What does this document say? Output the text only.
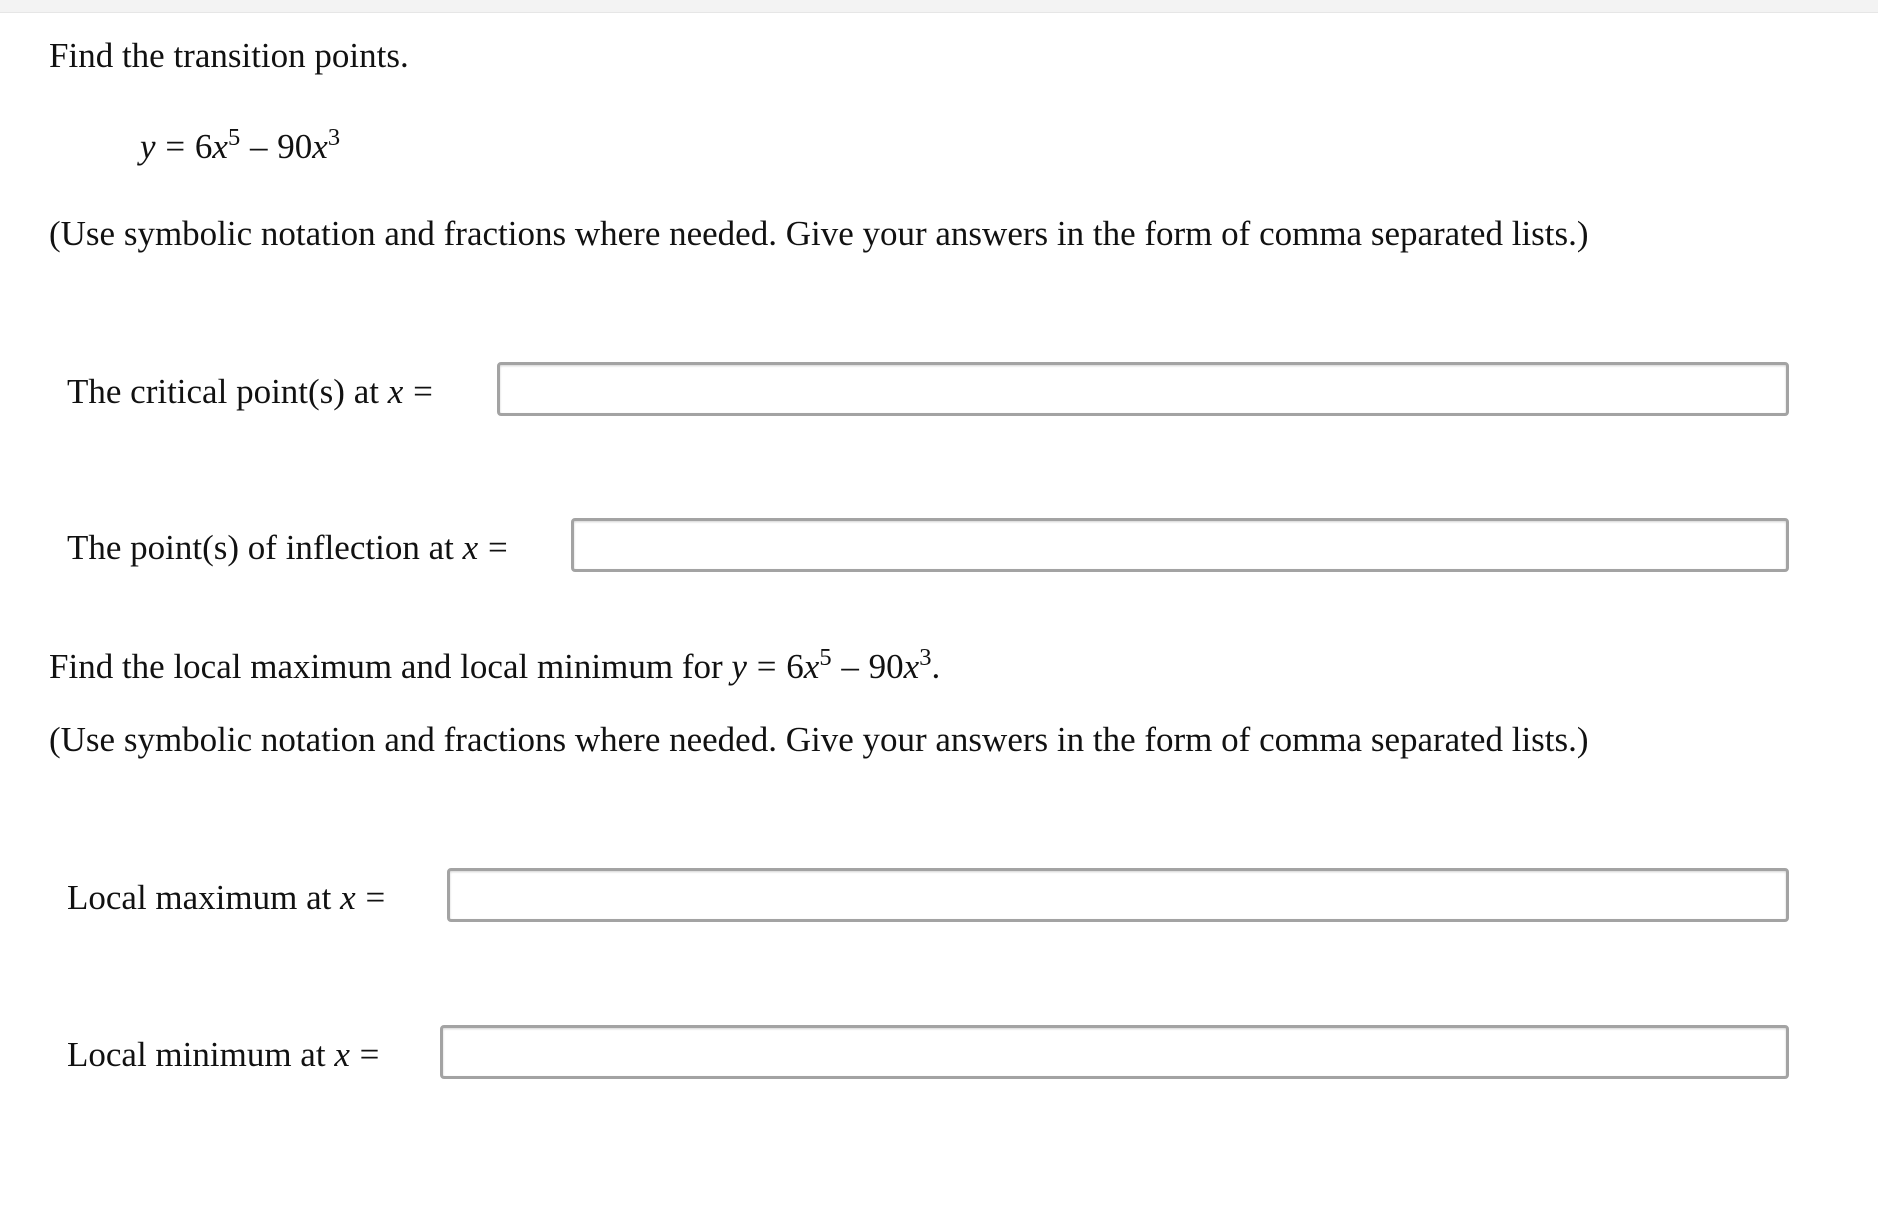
Find the transition points.
$y = 6x^5 - 90x^3$
(Use symbolic notation and fractions where needed. Give your answers in the form of comma separated lists.)
The critical point(s) at x =
The point(s) of inflection at x =
Find the local maximum and local minimum for $y = 6x^5 - 90x^3$.
(Use symbolic notation and fractions where needed. Give your answers in the form of comma separated lists.)
Local maximum at x =
Local minimum at x =
